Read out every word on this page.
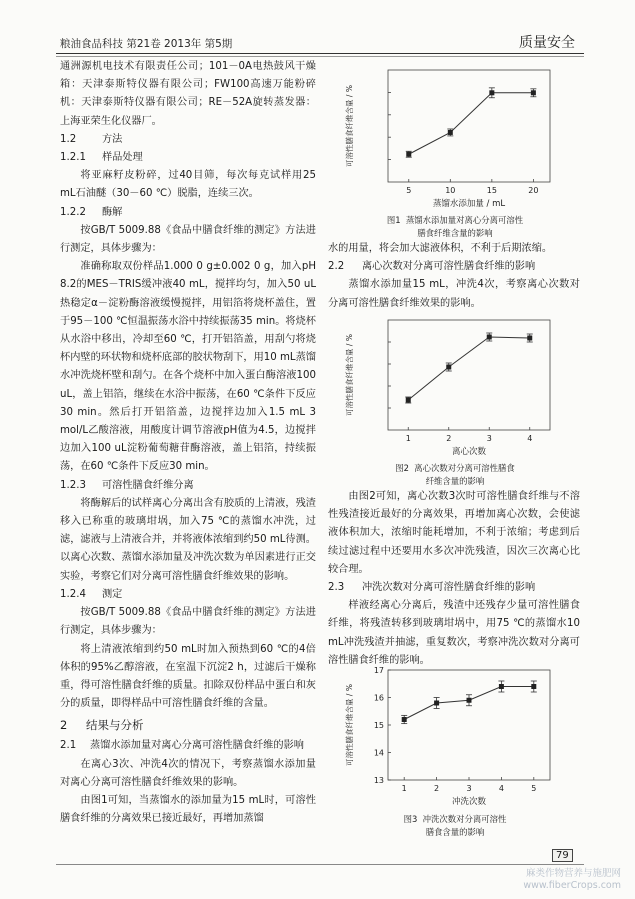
粮油食品科技 第21卷 2013年 第5期	质量安全

通洲源机电技术有限责任公司；101－0A电热鼓风干燥箱：天津泰斯特仪器有限公司；FW100高速万能粉碎机：天津泰斯特仪器有限公司；RE－52A旋转蒸发器：上海亚荣生化仪器厂。

1.2	方法
1.2.1 样品处理

将亚麻籽皮粉碎，过40目筛，每次每克试样用25 mL石油醚（30－60 ℃）脱脂，连续三次。

1.2.2 酶解

按GB/T 5009.88《食品中膳食纤维的测定》方法进行测定，具体步骤为：

准确称取双份样品1.000 0 g±0.002 0 g，加入pH 8.2的MES－TRIS缓冲液40 mL，搅拌均匀，加入50 uL热稳定α－淀粉酶溶液缓慢搅拌，用铝箔将烧杯盖住，置于95－100 ℃恒温振荡水浴中持续振荡35 min。将烧杯从水浴中移出，冷却至60 ℃，打开铝箔盖，用刮勺将烧杯内壁的环状物和烧杯底部的胶状物刮下，用10 mL蒸馏水冲洗烧杯壁和刮勺。在各个烧杯中加入蛋白酶溶液100 uL，盖上铝箔，继续在水浴中振荡，在60 ℃条件下反应30 min。然后打开铝箔盖，边搅拌边加入1.5 mL 3 mol/L乙酸溶液，用酸度计调节溶液pH值为4.5，边搅拌边加入100 uL淀粉葡萄糖苷酶溶液，盖上铝箔，持续振荡，在60 ℃条件下反应30 min。

1.2.3 可溶性膳食纤维分离

将酶解后的试样离心分离出含有胶质的上清液，残渣移入已称重的玻璃坩埚，加入75 ℃的蒸馏水冲洗，过滤，滤液与上清液合并，并将液体浓缩到约50 mL待测。以离心次数、蒸馏水添加量及冲洗次数为单因素进行正交实验，考察它们对分离可溶性膳食纤维效果的影响。

1.2.4 测定

按GB/T 5009.88《食品中膳食纤维的测定》方法进行测定，具体步骤为：

将上清液浓缩到约50 mL时加入预热到60 ℃的4倍体积的95%乙醇溶液，在室温下沉淀2 h，过滤后干燥称重，得可溶性膳食纤维的质量。扣除双份样品中蛋白和灰分的质量，即得样品中可溶性膳食纤维的含量。

2 结果与分析
2.1	蒸馏水添加量对离心分离可溶性膳食纤维的影响

在离心3次、冲洗4次的情况下，考察蒸馏水添加量对离心分离可溶性膳食纤维效果的影响。

由图1可知，当蒸馏水的添加量为15 mL时，可溶性膳食纤维的分离效果已接近最好，再增加蒸馏

5	10	15	20
蒸馏水添加量 / mL
可溶性膳食纤维含量 / %
图1 蒸馏水添加量对离心分离可溶性
膳食纤维含量的影响

水的用量，将会加大滤液体积，不利于后期浓缩。

2.2 离心次数对分离可溶性膳食纤维的影响

蒸馏水添加量15 mL，冲洗4次，考察离心次数对分离可溶性膳食纤维效果的影响。

1	2	3	4
离心次数
可溶性膳食纤维含量 / %
图2 离心次数对分离可溶性膳食
纤维含量的影响

由图2可知，离心次数3次时可溶性膳食纤维与不溶性残渣接近最好的分离效果，再增加离心次数，会使滤液体积加大，浓缩时能耗增加，不利于浓缩；考虑到后续过滤过程中还要用水多次冲洗残渣，因次三次离心比较合理。

2.3 冲洗次数对分离可溶性膳食纤维的影响

样液经离心分离后，残渣中还残存少量可溶性膳食纤维，将残渣转移到玻璃坩埚中，用75 ℃的蒸馏水10 mL冲洗残渣并抽滤，重复数次，考察冲洗次数对分离可溶性膳食纤维的影响。

1	2	3	4	5
13
14
15
16
17
冲洗次数
可溶性膳食纤维含量 / %
图3 冲洗次数对分离可溶性
膳食含量的影响
79
麻类作物营养与施肥网
www.fiberCrops.com
